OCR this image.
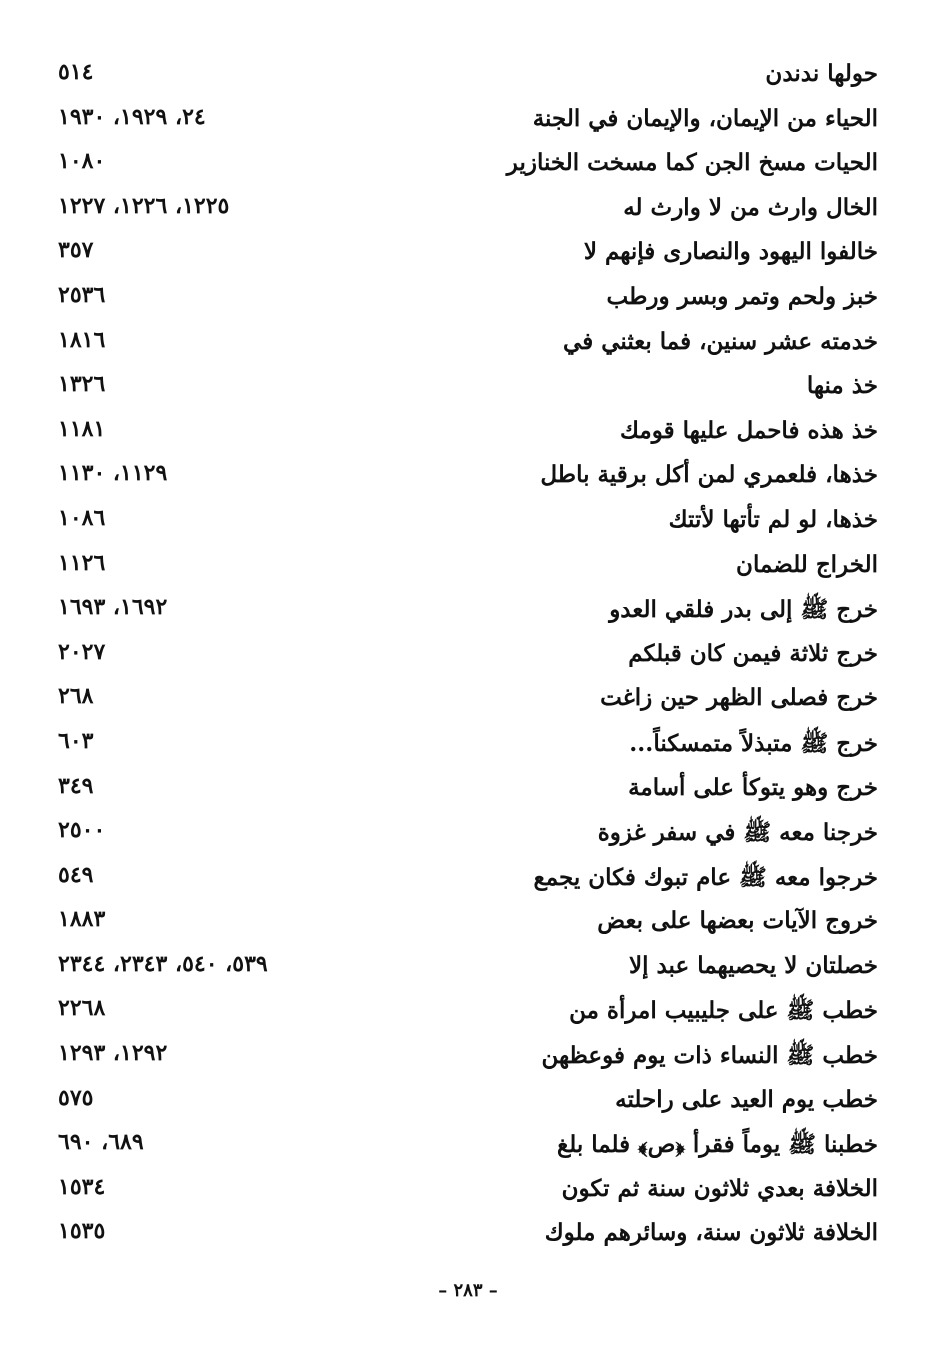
حولها ندندن
٥١٤
الحياء من الإيمان، والإيمان في الجنة
٢٤، ١٩٢٩، ١٩٣٠
الحيات مسخ الجن كما مسخت الخنازير
١٠٨٠
الخال وارث من لا وارث له
١٢٢٥، ١٢٢٦، ١٢٢٧
خالفوا اليهود والنصارى فإنهم لا
٣٥٧
خبز ولحم وتمر وبسر ورطب
٢٥٣٦
خدمته عشر سنين، فما بعثني في
١٨١٦
خذ منها
١٣٢٦
خذ هذه فاحمل عليها قومك
١١٨١
خذها، فلعمري لمن أكل برقية باطل
١١٢٩، ١١٣٠
خذها، لو لم تأتها لأتتك
١٠٨٦
الخراج للضمان
١١٢٦
خرج ﷺ إلى بدر فلقي العدو
١٦٩٢، ١٦٩٣
خرج ثلاثة فيمن كان قبلكم
٢٠٢٧
خرج فصلى الظهر حين زاغت
٢٦٨
خرج ﷺ متبذلاً متمسكناً...
٦٠٣
خرج وهو يتوكأ على أسامة
٣٤٩
خرجنا معه ﷺ في سفر غزوة
٢٥٠٠
خرجوا معه ﷺ عام تبوك فكان يجمع
٥٤٩
خروج الآيات بعضها على بعض
١٨٨٣
خصلتان لا يحصيهما عبد إلا
٥٣٩، ٥٤٠، ٢٣٤٣، ٢٣٤٤
خطب ﷺ على جليبيب امرأة من
٢٢٦٨
خطب ﷺ النساء ذات يوم فوعظهن
١٢٩٢، ١٢٩٣
خطب يوم العيد على راحلته
٥٧٥
خطبنا ﷺ يوماً فقرأ ﴿ص﴾ فلما بلغ
٦٨٩، ٦٩٠
الخلافة بعدي ثلاثون سنة ثم تكون
١٥٣٤
الخلافة ثلاثون سنة، وسائرهم ملوك
١٥٣٥
– ٢٨٣ –
